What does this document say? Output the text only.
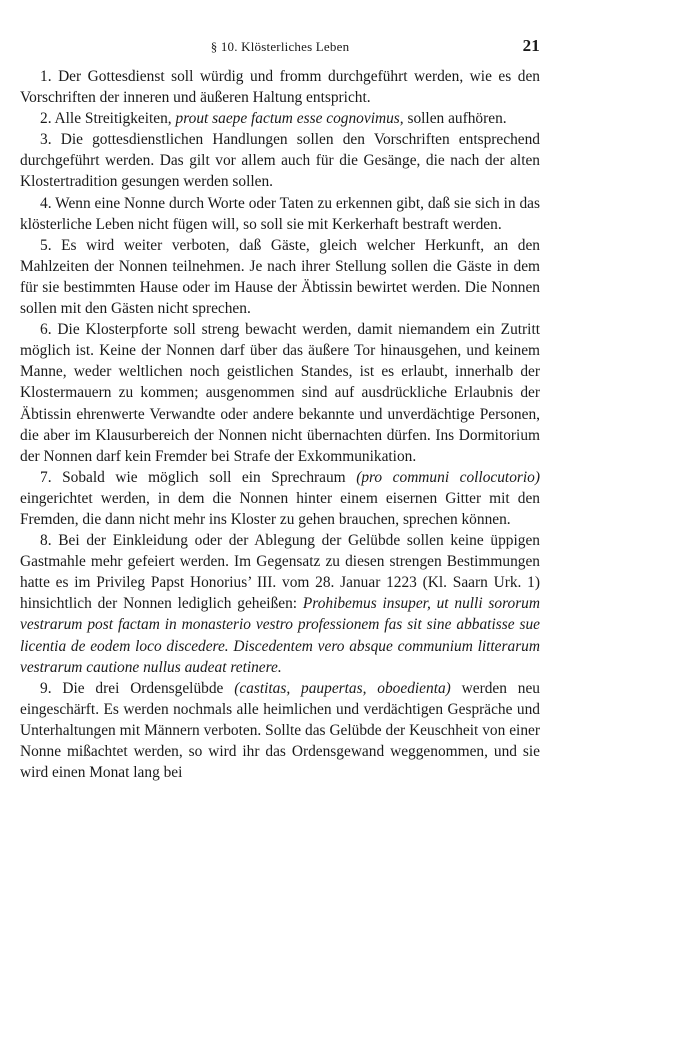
§ 10. Klösterliches Leben	21

1. Der Gottesdienst soll würdig und fromm durchgeführt werden, wie es den Vorschriften der inneren und äußeren Haltung entspricht.

2. Alle Streitigkeiten, prout saepe factum esse cognovimus, sollen aufhören.

3. Die gottesdienstlichen Handlungen sollen den Vorschriften entsprechend durchgeführt werden. Das gilt vor allem auch für die Gesänge, die nach der alten Klostertradition gesungen werden sollen.

4. Wenn eine Nonne durch Worte oder Taten zu erkennen gibt, daß sie sich in das klösterliche Leben nicht fügen will, so soll sie mit Kerkerhaft bestraft werden.

5. Es wird weiter verboten, daß Gäste, gleich welcher Herkunft, an den Mahlzeiten der Nonnen teilnehmen. Je nach ihrer Stellung sollen die Gäste in dem für sie bestimmten Hause oder im Hause der Äbtissin bewirtet werden. Die Nonnen sollen mit den Gästen nicht sprechen.

6. Die Klosterpforte soll streng bewacht werden, damit niemandem ein Zutritt möglich ist. Keine der Nonnen darf über das äußere Tor hinausgehen, und keinem Manne, weder weltlichen noch geistlichen Standes, ist es erlaubt, innerhalb der Klostermauern zu kommen; ausgenommen sind auf ausdrückliche Erlaubnis der Äbtissin ehrenwerte Verwandte oder andere bekannte und unverdächtige Personen, die aber im Klausurbereich der Nonnen nicht übernachten dürfen. Ins Dormitorium der Nonnen darf kein Fremder bei Strafe der Exkommunikation.

7. Sobald wie möglich soll ein Sprechraum (pro communi collocutorio) eingerichtet werden, in dem die Nonnen hinter einem eisernen Gitter mit den Fremden, die dann nicht mehr ins Kloster zu gehen brauchen, sprechen können.

8. Bei der Einkleidung oder der Ablegung der Gelübde sollen keine üppigen Gastmahle mehr gefeiert werden. Im Gegensatz zu diesen strengen Bestimmungen hatte es im Privileg Papst Honorius’ III. vom 28. Januar 1223 (Kl. Saarn Urk. 1) hinsichtlich der Nonnen lediglich geheißen: Prohibemus insuper, ut nulli sororum vestrarum post factam in monasterio vestro professionem fas sit sine abbatisse sue licentia de eodem loco discedere. Discedentem vero absque communium litterarum vestrarum cautione nullus audeat retinere.

9. Die drei Ordensgelübde (castitas, paupertas, oboedienta) werden neu eingeschärft. Es werden nochmals alle heimlichen und verdächtigen Gespräche und Unterhaltungen mit Männern verboten. Sollte das Gelübde der Keuschheit von einer Nonne mißachtet werden, so wird ihr das Ordensgewand weggenommen, und sie wird einen Monat lang bei
